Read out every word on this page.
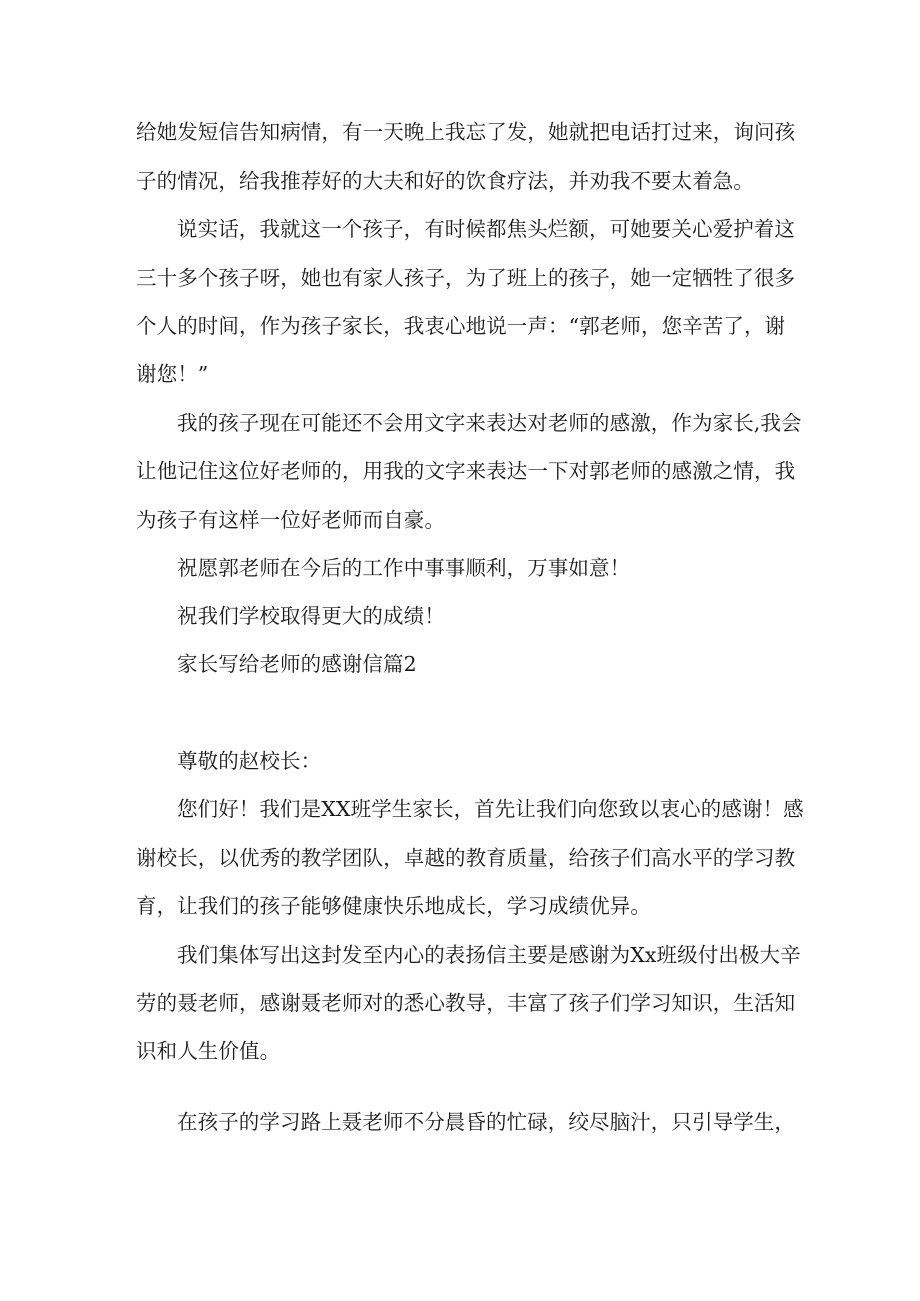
给她发短信告知病情，有一天晚上我忘了发，她就把电话打过来，询问孩
子的情况，给我推荐好的大夫和好的饮食疗法，并劝我不要太着急。
说实话，我就这一个孩子，有时候都焦头烂额，可她要关心爱护着这
三十多个孩子呀，她也有家人孩子，为了班上的孩子，她一定牺牲了很多
个人的时间，作为孩子家长，我衷心地说一声：“郭老师，您辛苦了，谢
谢您！”
我的孩子现在可能还不会用文字来表达对老师的感激，作为家长,我会
让他记住这位好老师的，用我的文字来表达一下对郭老师的感激之情，我
为孩子有这样一位好老师而自豪。
祝愿郭老师在今后的工作中事事顺利，万事如意！
祝我们学校取得更大的成绩！
家长写给老师的感谢信篇2
尊敬的赵校长：
您们好！我们是XX班学生家长，首先让我们向您致以衷心的感谢！感
谢校长，以优秀的教学团队，卓越的教育质量，给孩子们高水平的学习教
育，让我们的孩子能够健康快乐地成长，学习成绩优异。
我们集体写出这封发至内心的表扬信主要是感谢为Xx班级付出极大辛
劳的聂老师，感谢聂老师对的悉心教导，丰富了孩子们学习知识，生活知
识和人生价值。
在孩子的学习路上聂老师不分晨昏的忙碌，绞尽脑汁，只引导学生，
